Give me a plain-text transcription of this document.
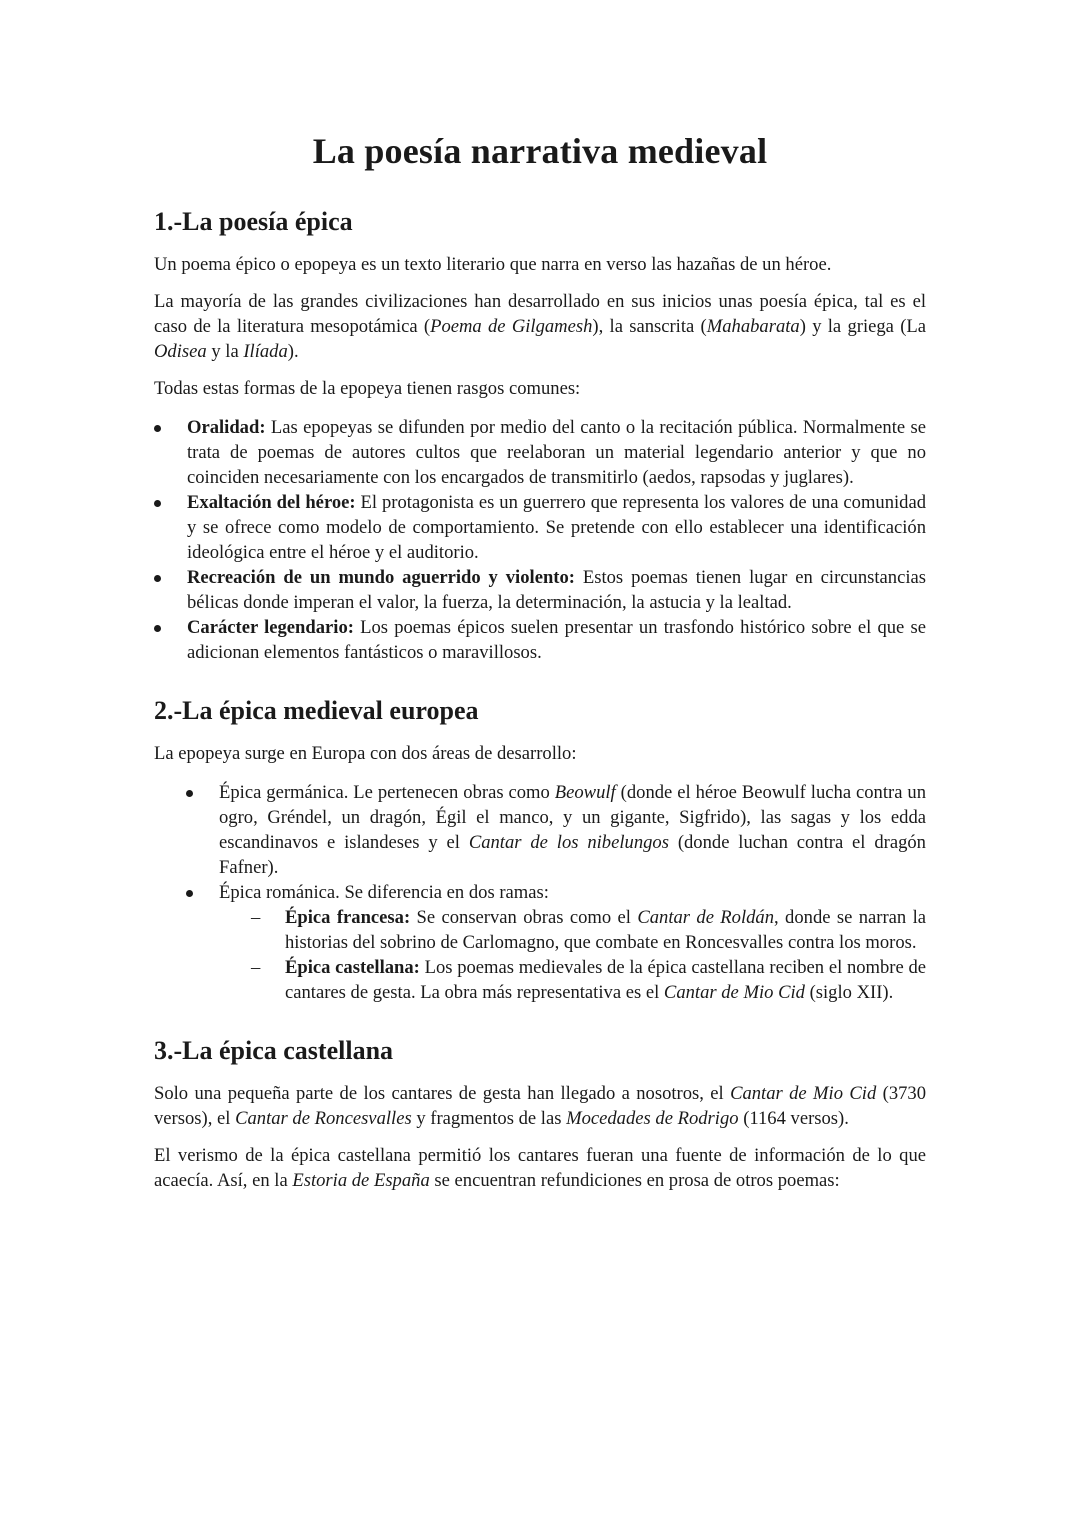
La poesía narrativa medieval
1.-La poesía épica

Un poema épico o epopeya es un texto literario que narra en verso las hazañas de un héroe.

La mayoría de las grandes civilizaciones han desarrollado en sus inicios unas poesía épica, tal es el caso de la literatura mesopotámica (Poema de Gilgamesh), la sanscrita (Mahabarata) y la griega (La Odisea y la Ilíada).

Todas estas formas de la epopeya tienen rasgos comunes:

Oralidad: Las epopeyas se difunden por medio del canto o la recitación pública. Normalmente se trata de poemas de autores cultos que reelaboran un material legendario anterior y que no coinciden necesariamente con los encargados de transmitirlo (aedos, rapsodas y juglares).
Exaltación del héroe: El protagonista es un guerrero que representa los valores de una comunidad y se ofrece como modelo de comportamiento. Se pretende con ello establecer una identificación ideológica entre el héroe y el auditorio.
Recreación de un mundo aguerrido y violento: Estos poemas tienen lugar en circunstancias bélicas donde imperan el valor, la fuerza, la determinación, la astucia y la lealtad.
Carácter legendario: Los poemas épicos suelen presentar un trasfondo histórico sobre el que se adicionan elementos fantásticos o maravillosos.
2.-La épica medieval europea

La epopeya surge en Europa con dos áreas de desarrollo:

Épica germánica. Le pertenecen obras como Beowulf (donde el héroe Beowulf lucha contra un ogro, Gréndel, un dragón, Égil el manco, y un gigante, Sigfrido), las sagas y los edda escandinavos e islandeses y el Cantar de los nibelungos (donde luchan contra el dragón Fafner).
Épica románica. Se diferencia en dos ramas:
– Épica francesa: Se conservan obras como el Cantar de Roldán, donde se narran la historias del sobrino de Carlomagno, que combate en Roncesvalles contra los moros.
– Épica castellana: Los poemas medievales de la épica castellana reciben el nombre de cantares de gesta. La obra más representativa es el Cantar de Mio Cid (siglo XII).
3.-La épica castellana

Solo una pequeña parte de los cantares de gesta han llegado a nosotros, el Cantar de Mio Cid (3730 versos), el Cantar de Roncesvalles y fragmentos de las Mocedades de Rodrigo (1164 versos).

El verismo de la épica castellana permitió los cantares fueran una fuente de información de lo que acaecía. Así, en la Estoria de España se encuentran refundiciones en prosa de otros poemas:
